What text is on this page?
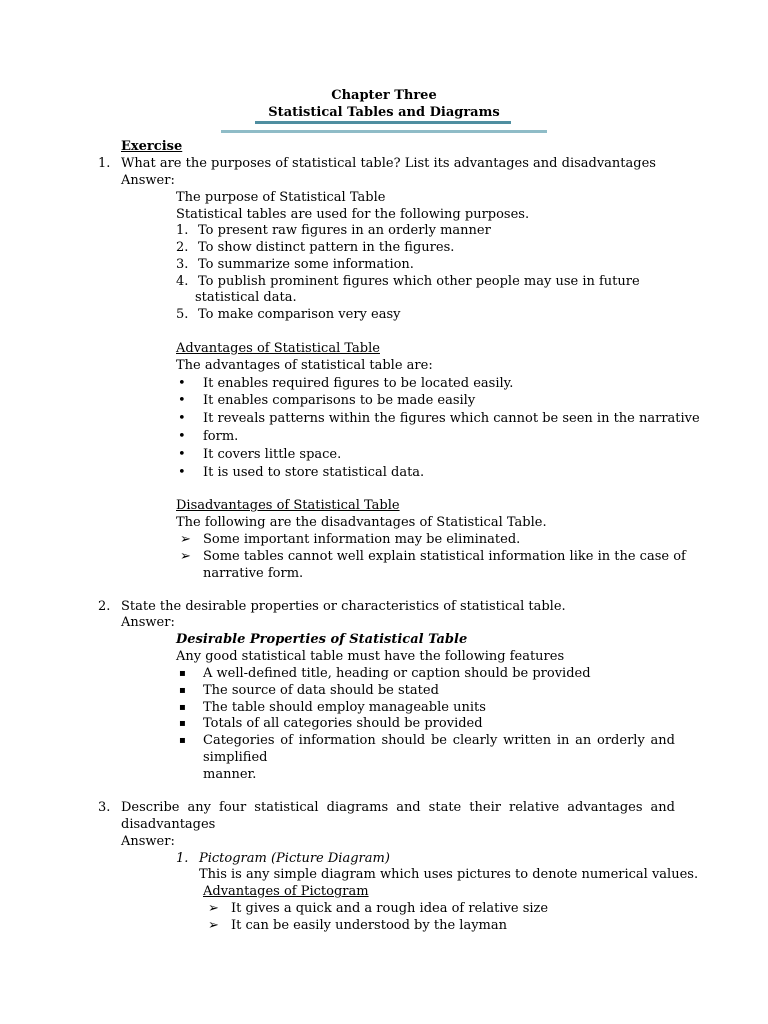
Chapter Three
Statistical Tables and Diagrams
Exercise
1. What are the purposes of statistical table? List its advantages and disadvantages
Answer:
The purpose of Statistical Table
Statistical tables are used for the following purposes.
1. To present raw figures in an orderly manner
2. To show distinct pattern in the figures.
3. To summarize some information.
4. To publish prominent figures which other people may use in future
statistical data.
5. To make comparison very easy
Advantages of Statistical Table
The advantages of statistical table are:
• It enables required figures to be located easily.
• It enables comparisons to be made easily
• It reveals patterns within the figures which cannot be seen in the narrative
• form.
• It covers little space.
• It is used to store statistical data.
Disadvantages of Statistical Table
The following are the disadvantages of Statistical Table.
➢ Some important information may be eliminated.
➢ Some tables cannot well explain statistical information like in the case of
narrative form.
2. State the desirable properties or characteristics of statistical table.
Answer:
Desirable Properties of Statistical Table
Any good statistical table must have the following features
▪ A well-defined title, heading or caption should be provided
▪ The source of data should be stated
▪ The table should employ manageable units
▪ Totals of all categories should be provided
▪ Categories of information should be clearly written in an orderly and
simplified
manner.
3. Describe any four statistical diagrams and state their relative advantages and
disadvantages
Answer:
1. Pictogram (Picture Diagram)
This is any simple diagram which uses pictures to denote numerical values.
Advantages of Pictogram
➢ It gives a quick and a rough idea of relative size
➢ It can be easily understood by the layman
